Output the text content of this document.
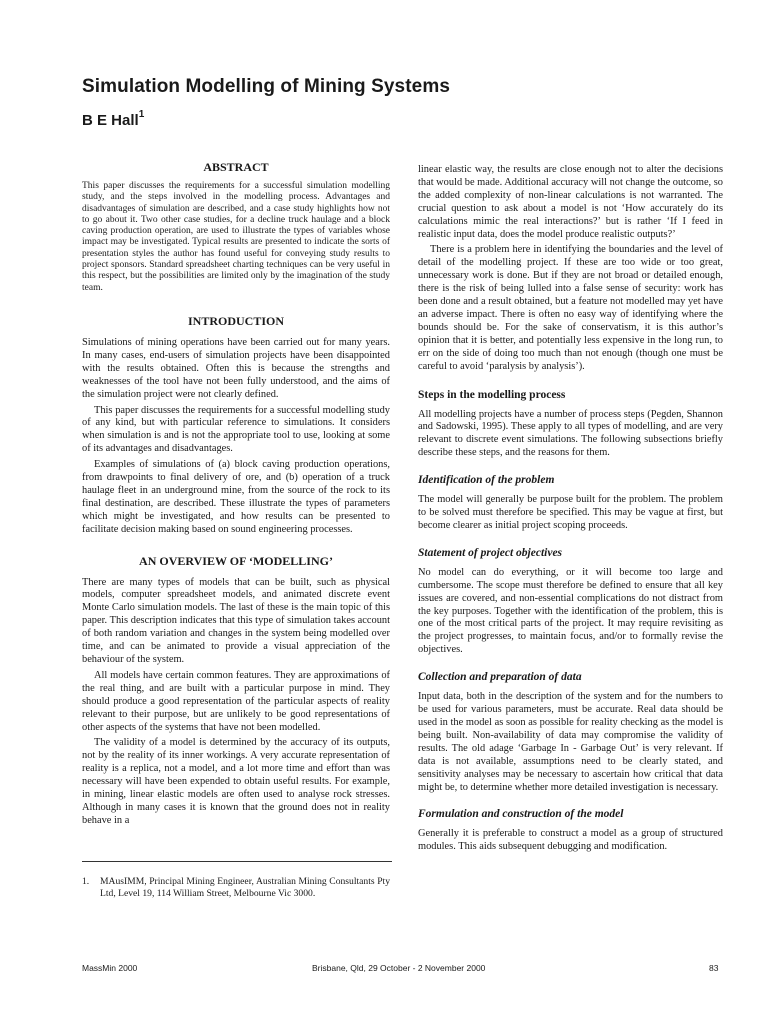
Simulation Modelling of Mining Systems
B E Hall$^1$
ABSTRACT

This paper discusses the requirements for a successful simulation modelling study, and the steps involved in the modelling process. Advantages and disadvantages of simulation are described, and a case study highlights how not to go about it. Two other case studies, for a decline truck haulage and a block caving production operation, are used to illustrate the types of variables whose impact may be investigated. Typical results are presented to indicate the sorts of presentation styles the author has found useful for conveying study results to project sponsors. Standard spreadsheet charting techniques can be very useful in this respect, but the possibilities are limited only by the imagination of the study team.

INTRODUCTION

Simulations of mining operations have been carried out for many years. In many cases, end-users of simulation projects have been disappointed with the results obtained. Often this is because the strengths and weaknesses of the tool have not been fully understood, and the aims of the simulation project were not clearly defined.

This paper discusses the requirements for a successful modelling study of any kind, but with particular reference to simulations. It considers when simulation is and is not the appropriate tool to use, looking at some of its advantages and disadvantages.

Examples of simulations of (a) block caving production operations, from drawpoints to final delivery of ore, and (b) operation of a truck haulage fleet in an underground mine, from the source of the rock to its final destination, are described. These illustrate the types of parameters which might be investigated, and how results can be presented to facilitate decision making based on sound engineering processes.

AN OVERVIEW OF ‘MODELLING’

There are many types of models that can be built, such as physical models, computer spreadsheet models, and animated discrete event Monte Carlo simulation models. The last of these is the main topic of this paper. This description indicates that this type of simulation takes account of both random variation and changes in the system being modelled over time, and can be animated to provide a visual appreciation of the behaviour of the system.

All models have certain common features. They are approximations of the real thing, and are built with a particular purpose in mind. They should produce a good representation of the particular aspects of reality relevant to their purpose, but are unlikely to be good representations of other aspects of the systems that have not been modelled.

The validity of a model is determined by the accuracy of its outputs, not by the reality of its inner workings. A very accurate representation of reality is a replica, not a model, and a lot more time and effort than was necessary will have been expended to obtain useful results. For example, in mining, linear elastic models are often used to analyse rock stresses. Although in many cases it is known that the ground does not in reality behave in a

linear elastic way, the results are close enough not to alter the decisions that would be made. Additional accuracy will not change the outcome, so the added complexity of non-linear calculations is not warranted. The crucial question to ask about a model is not ‘How accurately do its calculations mimic the real interactions?’ but is rather ‘If I feed in realistic input data, does the model produce realistic outputs?’

There is a problem here in identifying the boundaries and the level of detail of the modelling project. If these are too wide or too great, unnecessary work is done. But if they are not broad or detailed enough, there is the risk of being lulled into a false sense of security: work has been done and a result obtained, but a feature not modelled may yet have an adverse impact. There is often no easy way of identifying where the bounds should be. For the sake of conservatism, it is this author’s opinion that it is better, and potentially less expensive in the long run, to err on the side of doing too much than not enough (though one must be careful to avoid ‘paralysis by analysis’).

Steps in the modelling process

All modelling projects have a number of process steps (Pegden, Shannon and Sadowski, 1995). These apply to all types of modelling, and are very relevant to discrete event simulations. The following subsections briefly describe these steps, and the reasons for them.

Identification of the problem

The model will generally be purpose built for the problem. The problem to be solved must therefore be specified. This may be vague at first, but become clearer as initial project scoping proceeds.

Statement of project objectives

No model can do everything, or it will become too large and cumbersome. The scope must therefore be defined to ensure that all key issues are covered, and non-essential complications do not distract from the key purposes. Together with the identification of the problem, this is one of the most critical parts of the project. It may require revisiting as the project progresses, to maintain focus, and/or to formally revise the objectives.

Collection and preparation of data

Input data, both in the description of the system and for the numbers to be used for various parameters, must be accurate. Real data should be used in the model as soon as possible for reality checking as the model is being built. Non-availability of data may compromise the validity of results. The old adage ‘Garbage In - Garbage Out’ is very relevant. If data is not available, assumptions need to be clearly stated, and sensitivity analyses may be necessary to ascertain how critical that data might be, to determine whether more detailed investigation is necessary.

Formulation and construction of the model

Generally it is preferable to construct a model as a group of structured modules. This aids subsequent debugging and modification.

1. MAusIMM, Principal Mining Engineer, Australian Mining Consultants Pty Ltd, Level 19, 114 William Street, Melbourne Vic 3000.

MassMin 2000	Brisbane, Qld, 29 October - 2 November 2000	83
